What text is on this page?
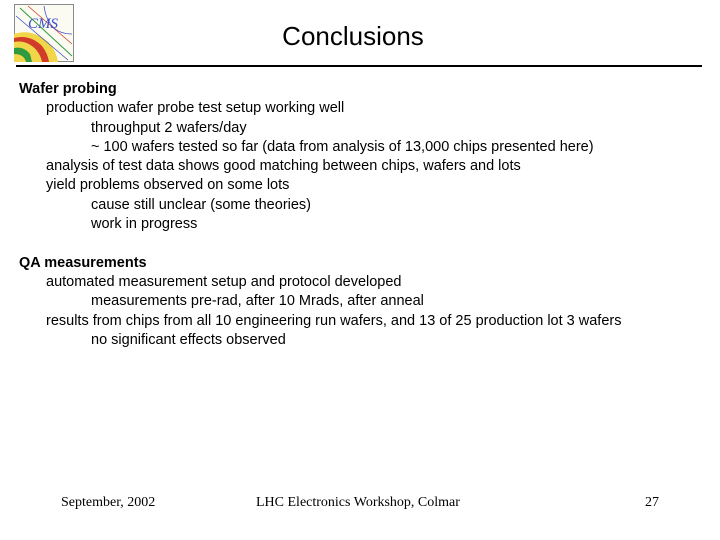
CMS	Conclusions
Wafer probing
production wafer probe test setup working well
throughput 2 wafers/day
~ 100 wafers tested so far (data from analysis of 13,000 chips presented here)
analysis of test data shows good matching between chips, wafers and lots
yield problems observed on some lots
cause still unclear (some theories)
work in progress
QA measurements
automated measurement setup and protocol developed
measurements pre-rad, after 10 Mrads, after anneal
results from chips from all 10 engineering run wafers, and 13 of 25 production lot 3 wafers
no significant effects observed
September, 2002	LHC Electronics Workshop, Colmar	27
